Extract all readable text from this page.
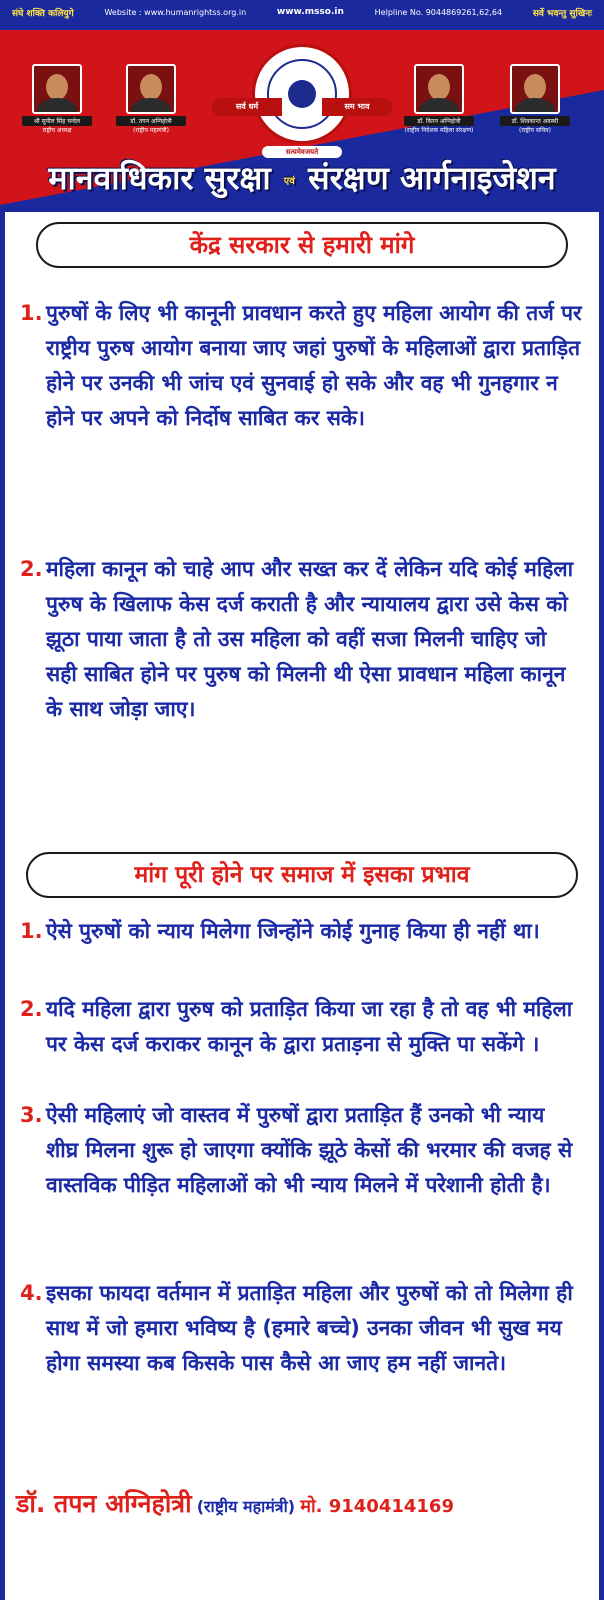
संघे शक्ति कलियुगे	Website : www.humanrightss.org.in	www.msso.in	Helpline No. 9044869261,62,64	सर्वे भवन्तु सुखिनः
श्री सुनील सिंह चन्देल
राष्ट्रीय अध्यक्ष
डॉ. तपन अग्निहोत्री
(राष्ट्रीय महामंत्री)
डॉ. किरन अग्निहोत्री
(राष्ट्रीय निदेशक महिला संरक्षण)
डॉ. शिवकान्त अवस्थी
(राष्ट्रीय सचिव)
सर्व धर्म	सम भाव
सत्यमेवजयते
मानवाधिकार सुरक्षा एवं संरक्षण आर्गनाइजेशन
केंद्र सरकार से हमारी मांगे
1. पुरुषों के लिए भी कानूनी प्रावधान करते हुए महिला आयोग की तर्ज पर राष्ट्रीय पुरुष आयोग बनाया जाए जहां पुरुषों के महिलाओं द्वारा प्रताड़ित होने पर उनकी भी जांच एवं सुनवाई हो सके और वह भी गुनहगार न होने पर अपने को निर्दोष साबित कर सके।
2. महिला कानून को चाहे आप और सख्त कर दें लेकिन यदि कोई महिला पुरुष के खिलाफ केस दर्ज कराती है और न्यायालय द्वारा उसे केस को झूठा पाया जाता है तो उस महिला को वहीं सजा मिलनी चाहिए जो सही साबित होने पर पुरुष को मिलनी थी ऐसा प्रावधान महिला कानून के साथ जोड़ा जाए।
मांग पूरी होने पर समाज में इसका प्रभाव
1. ऐसे पुरुषों को न्याय मिलेगा जिन्होंने कोई गुनाह किया ही नहीं था।
2. यदि महिला द्वारा पुरुष को प्रताड़ित किया जा रहा है तो वह भी महिला पर केस दर्ज कराकर कानून के द्वारा प्रताड़ना से मुक्ति पा सकेंगे ।
3. ऐसी महिलाएं जो वास्तव में पुरुषों द्वारा प्रताड़ित हैं उनको भी न्याय शीघ्र मिलना शुरू हो जाएगा क्योंकि झूठे केसों की भरमार की वजह से वास्तविक पीड़ित महिलाओं को भी न्याय मिलने में परेशानी होती है।
4. इसका फायदा वर्तमान में प्रताड़ित महिला और पुरुषों को तो मिलेगा ही साथ में जो हमारा भविष्य है (हमारे बच्चे) उनका जीवन भी सुख मय होगा समस्या कब किसके पास कैसे आ जाए हम नहीं जानते।
डॉ. तपन अग्निहोत्री (राष्ट्रीय महामंत्री) मो. 9140414169
